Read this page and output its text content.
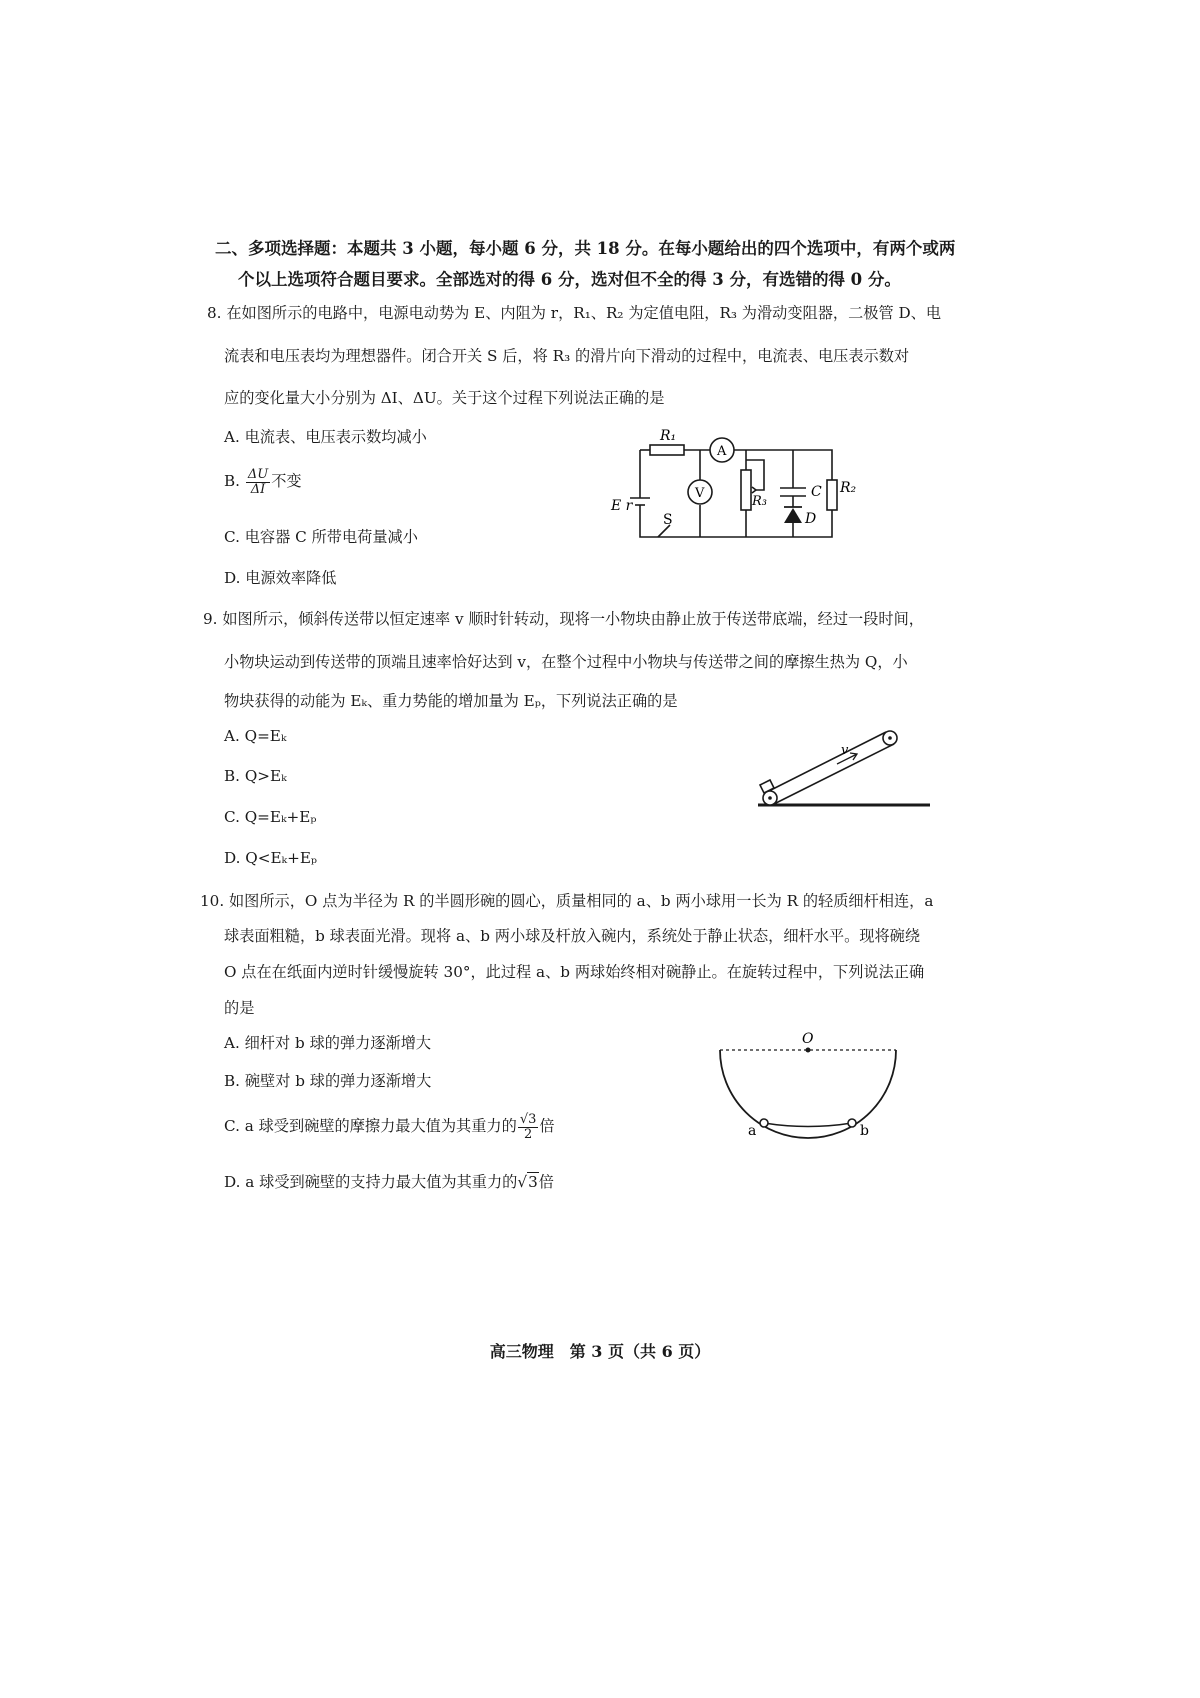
二、多项选择题：本题共 3 小题，每小题 6 分，共 18 分。在每小题给出的四个选项中，有两个或两
个以上选项符合题目要求。全部选对的得 6 分，选对但不全的得 3 分，有选错的得 0 分。
8. 在如图所示的电路中，电源电动势为 E、内阻为 r，R₁、R₂ 为定值电阻，R₃ 为滑动变阻器，二极管 D、电
流表和电压表均为理想器件。闭合开关 S 后，将 R₃ 的滑片向下滑动的过程中，电流表、电压表示数对
应的变化量大小分别为 ΔI、ΔU。关于这个过程下列说法正确的是
A. 电流表、电压表示数均减小
B. $\frac{\Delta U}{\Delta I}$ 不变
C. 电容器 C 所带电荷量减小
D. 电源效率降低
R₁
A
V
R₃
C R₂
D
E r
S
9. 如图所示，倾斜传送带以恒定速率 v 顺时针转动，现将一小物块由静止放于传送带底端，经过一段时间，
小物块运动到传送带的顶端且速率恰好达到 v，在整个过程中小物块与传送带之间的摩擦生热为 Q，小
物块获得的动能为 Eₖ、重力势能的增加量为 Eₚ，下列说法正确的是
A. Q=Eₖ
B. Q>Eₖ
C. Q=Eₖ+Eₚ
D. Q<Eₖ+Eₚ
v
10. 如图所示，O 点为半径为 R 的半圆形碗的圆心，质量相同的 a、b 两小球用一长为 R 的轻质细杆相连，a
球表面粗糙，b 球表面光滑。现将 a、b 两小球及杆放入碗内，系统处于静止状态，细杆水平。现将碗绕
O 点在在纸面内逆时针缓慢旋转 30°，此过程 a、b 两球始终相对碗静止。在旋转过程中，下列说法正确
的是
A. 细杆对 b 球的弹力逐渐增大
B. 碗壁对 b 球的弹力逐渐增大
C. a 球受到碗壁的摩擦力最大值为其重力的 $\frac{√3}{2}$ 倍
D. a 球受到碗壁的支持力最大值为其重力的√3倍
O
a	b
高三物理　第 3 页（共 6 页）
